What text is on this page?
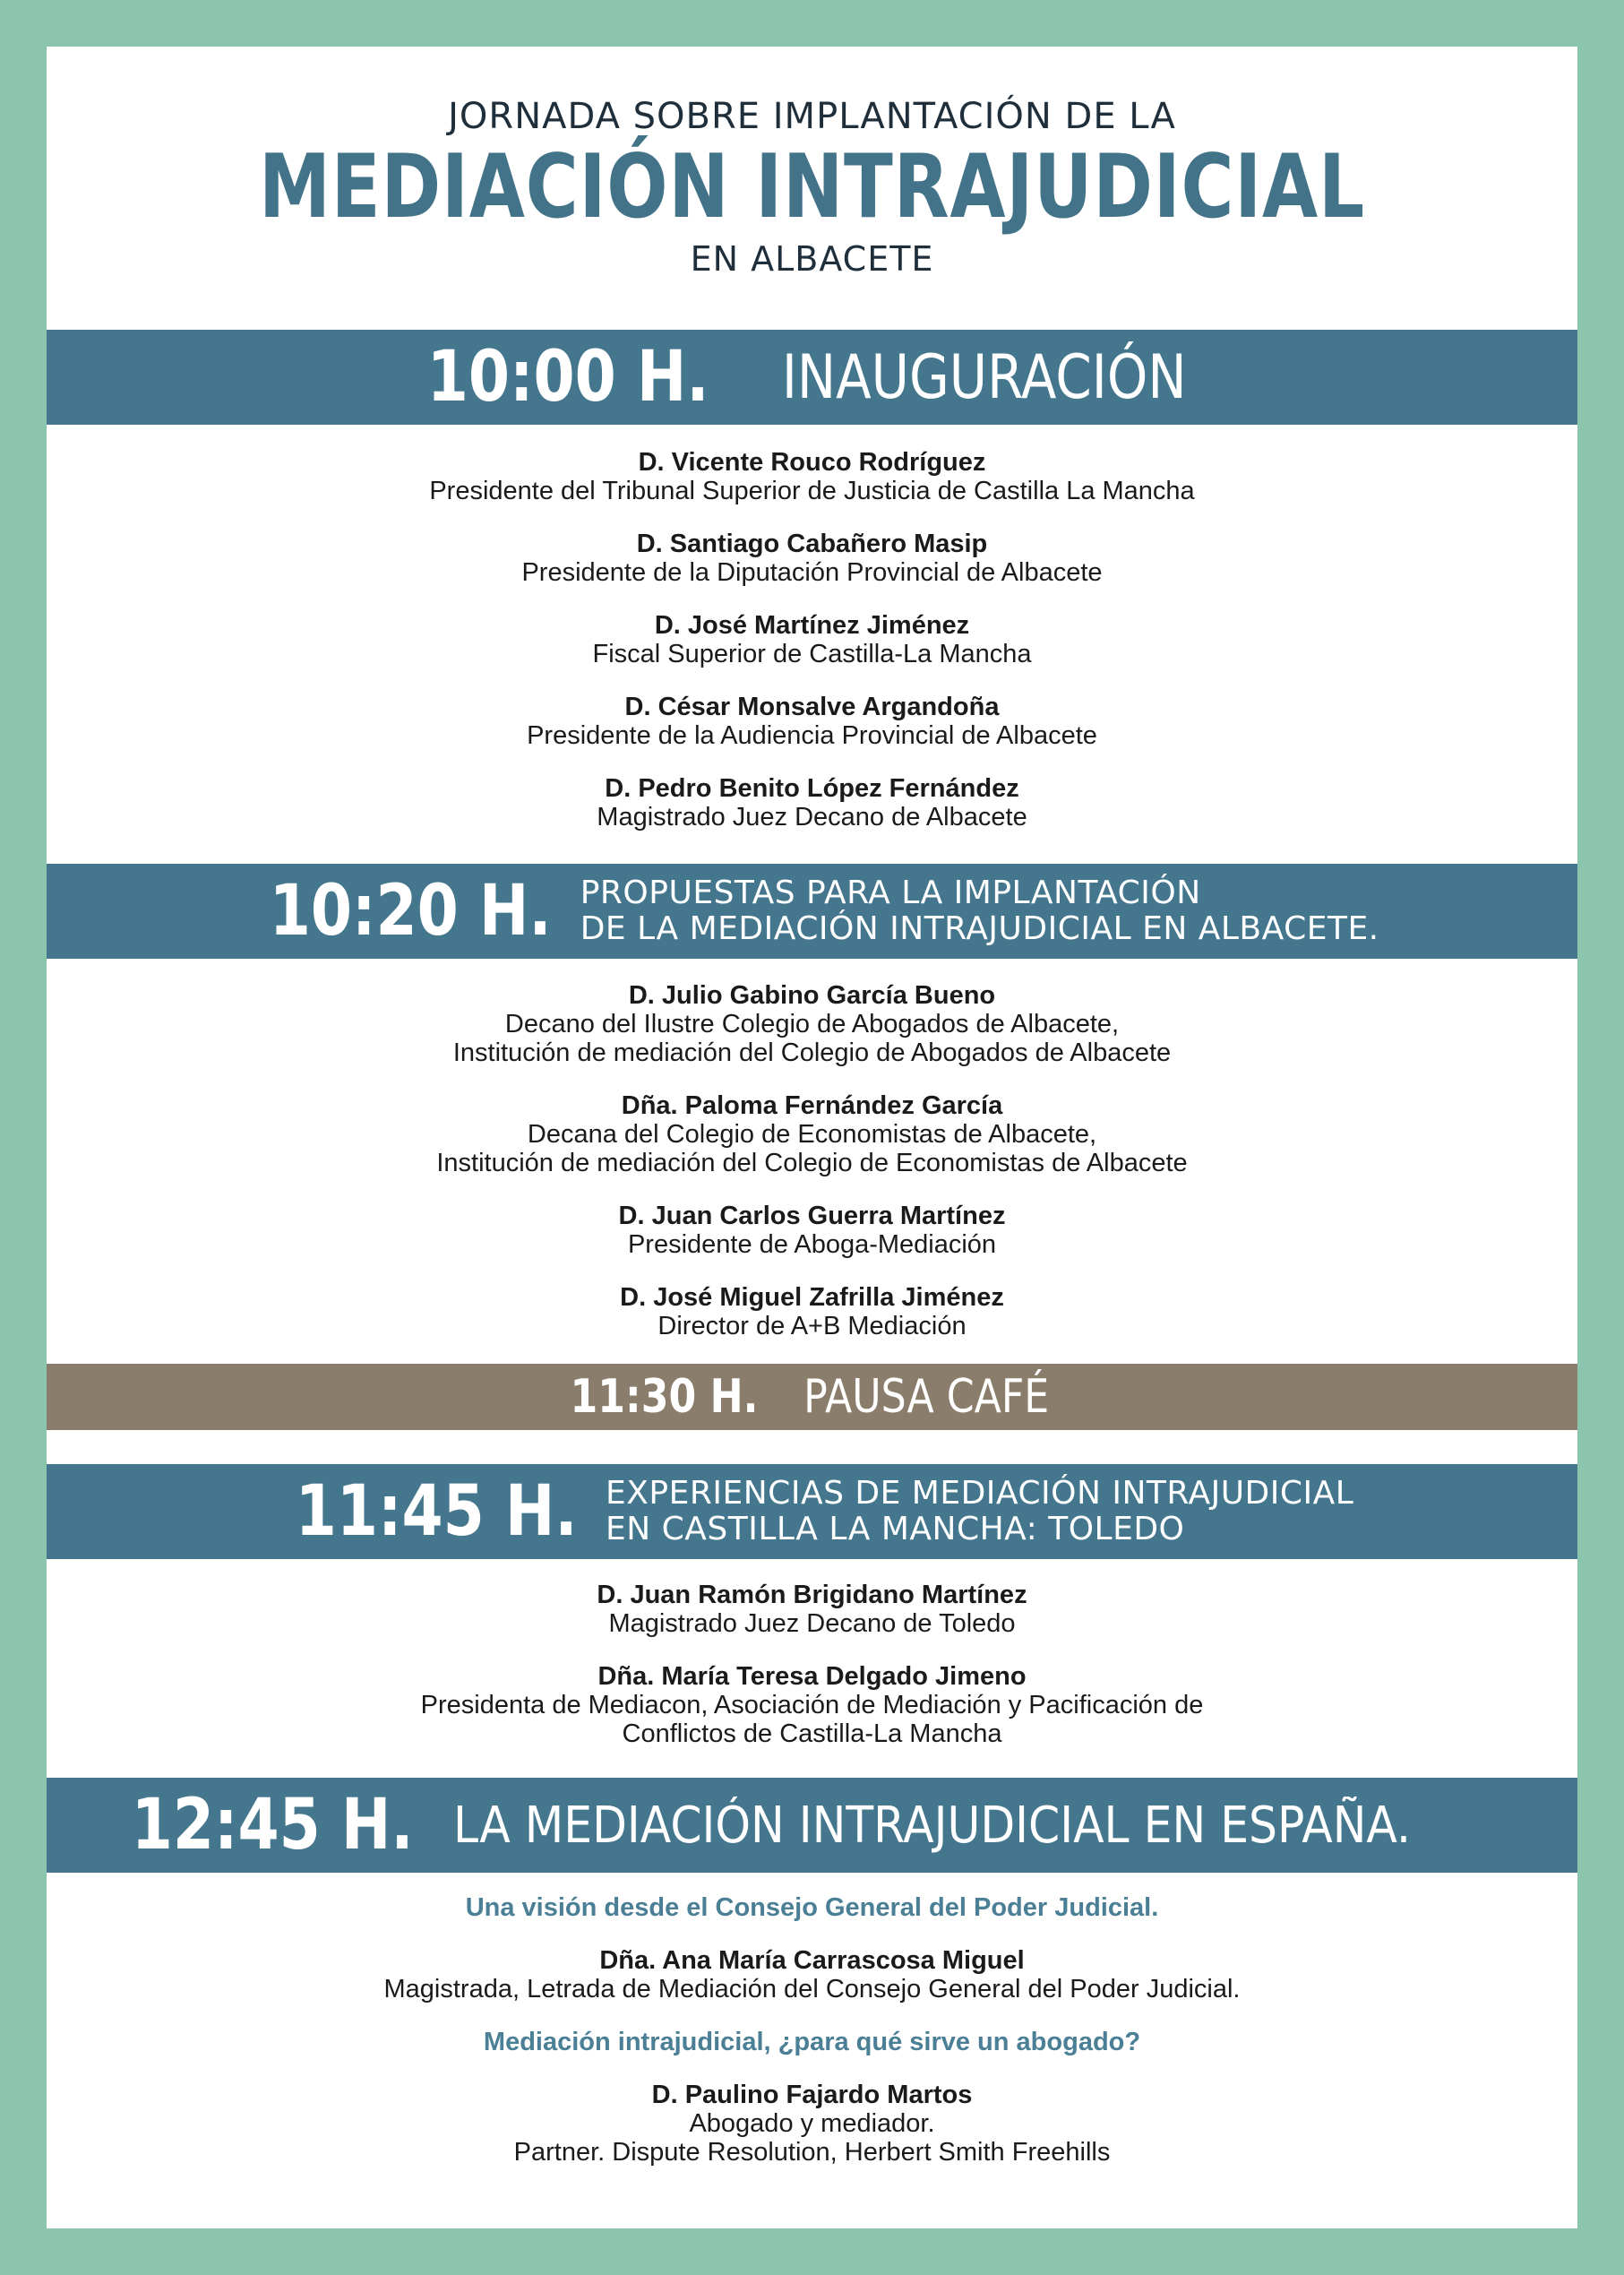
JORNADA SOBRE IMPLANTACIÓN DE LA
MEDIACIÓN INTRAJUDICIAL
EN ALBACETE
10:00 H. INAUGURACIÓN
D. Vicente Rouco Rodríguez
Presidente del Tribunal Superior de Justicia de Castilla La Mancha
D. Santiago Cabañero Masip
Presidente de la Diputación Provincial de Albacete
D. José Martínez Jiménez
Fiscal Superior de Castilla-La Mancha
D. César Monsalve Argandoña
Presidente de la Audiencia Provincial de Albacete
D. Pedro Benito López Fernández
Magistrado Juez Decano de Albacete
10:20 H. PROPUESTAS PARA LA IMPLANTACIÓN
DE LA MEDIACIÓN INTRAJUDICIAL EN ALBACETE.
D. Julio Gabino García Bueno
Decano del Ilustre Colegio de Abogados de Albacete,
Institución de mediación del Colegio de Abogados de Albacete
Dña. Paloma Fernández García
Decana del Colegio de Economistas de Albacete,
Institución de mediación del Colegio de Economistas de Albacete
D. Juan Carlos Guerra Martínez
Presidente de Aboga-Mediación
D. José Miguel Zafrilla Jiménez
Director de A+B Mediación
11:30 H. PAUSA CAFÉ
11:45 H. EXPERIENCIAS DE MEDIACIÓN INTRAJUDICIAL
EN CASTILLA LA MANCHA: TOLEDO
D. Juan Ramón Brigidano Martínez
Magistrado Juez Decano de Toledo
Dña. María Teresa Delgado Jimeno
Presidenta de Mediacon, Asociación de Mediación y Pacificación de
Conflictos de Castilla-La Mancha
12:45 H. LA MEDIACIÓN INTRAJUDICIAL EN ESPAÑA.
Una visión desde el Consejo General del Poder Judicial.
Dña. Ana María Carrascosa Miguel
Magistrada, Letrada de Mediación del Consejo General del Poder Judicial.
Mediación intrajudicial, ¿para qué sirve un abogado?
D. Paulino Fajardo Martos
Abogado y mediador.
Partner. Dispute Resolution, Herbert Smith Freehills
